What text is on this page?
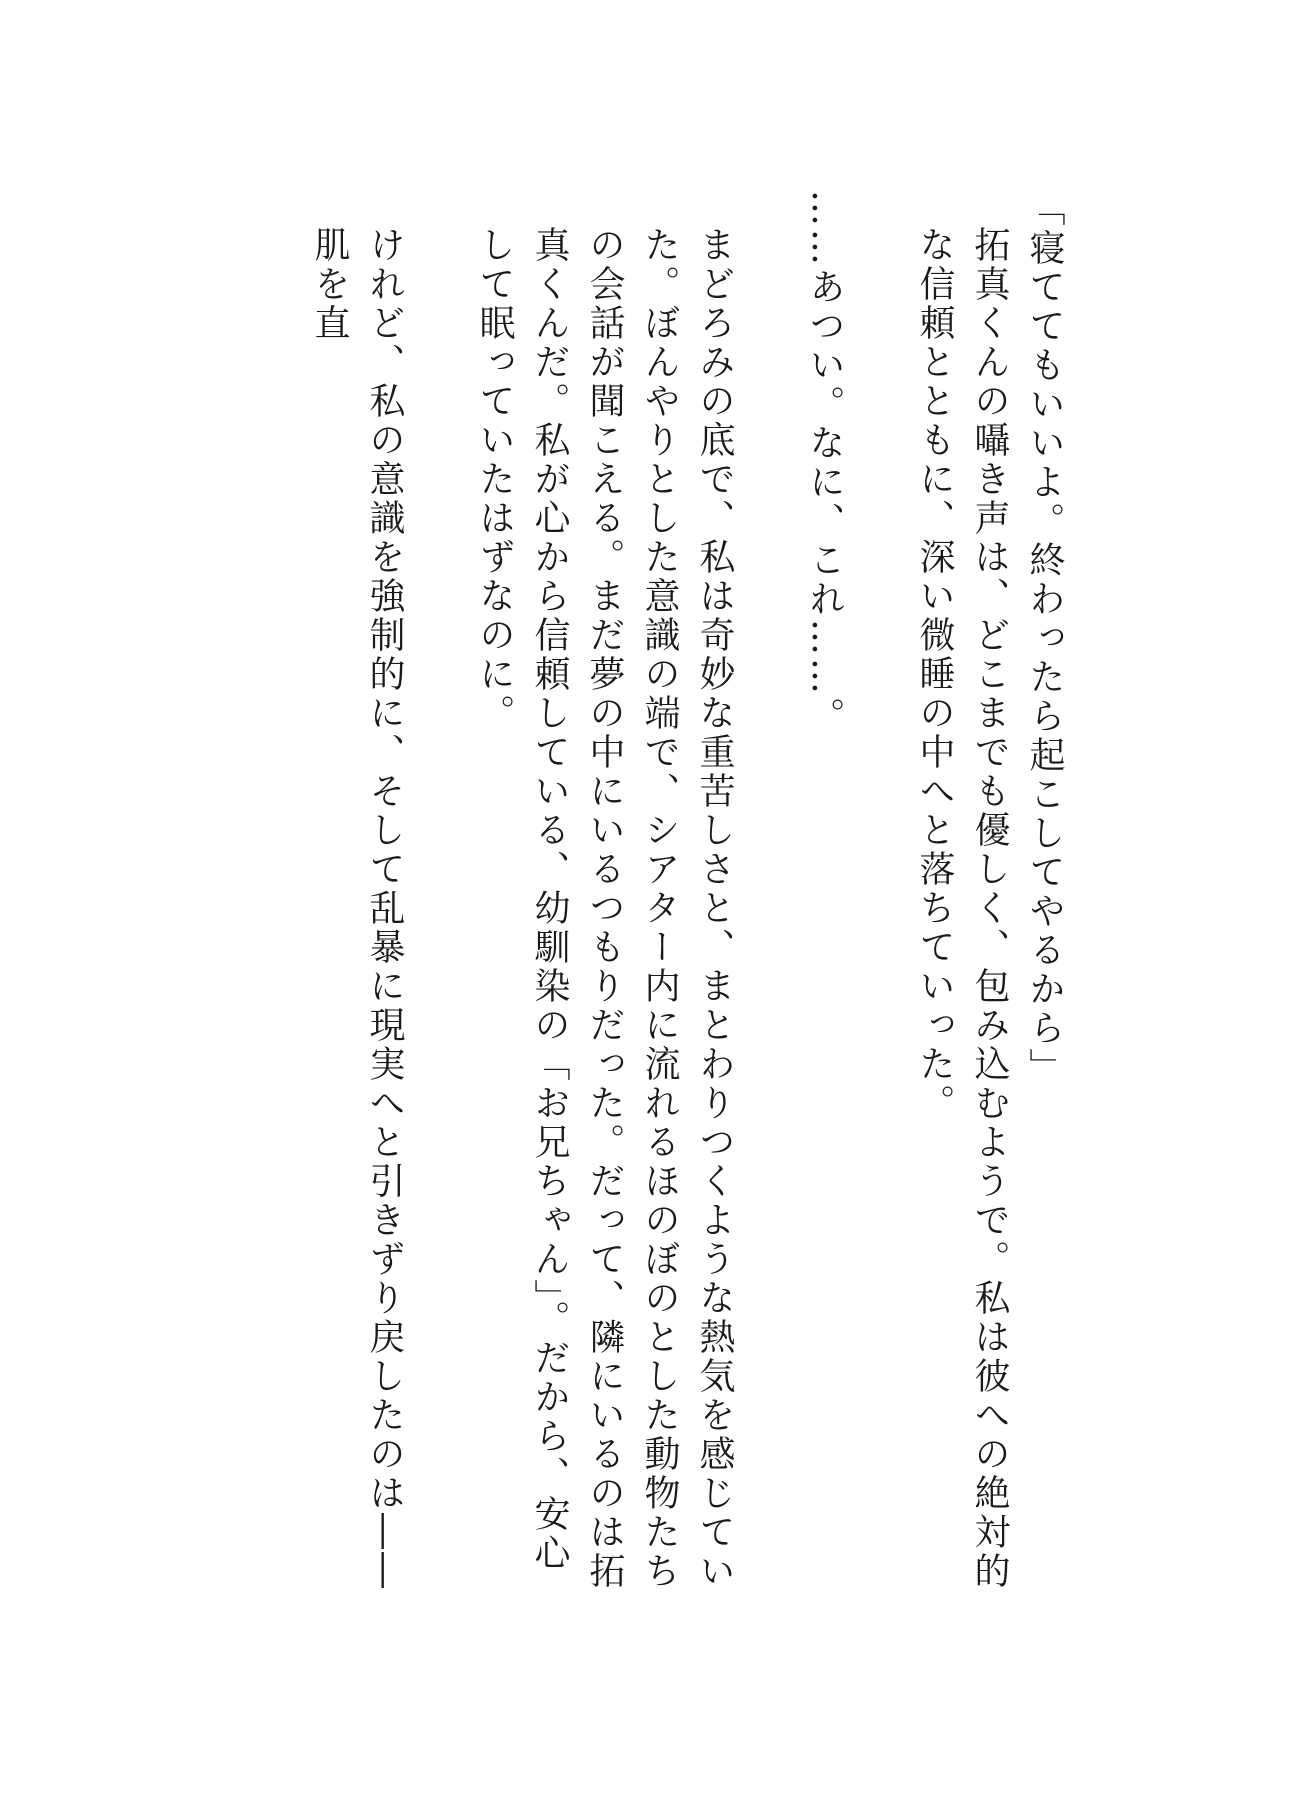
「寝ててもいいよ。終わったら起こしてやるから」

拓真くんの囁き声は、どこまでも優しく、包み込むようで。私は彼への絶対的な信頼とともに、深い微睡の中へと落ちていった。

……あつい。なに、これ……。

まどろみの底で、私は奇妙な重苦しさと、まとわりつくような熱気を感じていた。ぼんやりとした意識の端で、シアター内に流れるほのぼのとした動物たちの会話が聞こえる。まだ夢の中にいるつもりだった。だって、隣にいるのは拓真くんだ。私が心から信頼している、幼馴染の「お兄ちゃん」。だから、安心して眠っていたはずなのに。

けれど、私の意識を強制的に、そして乱暴に現実へと引きずり戻したのは――肌を直
